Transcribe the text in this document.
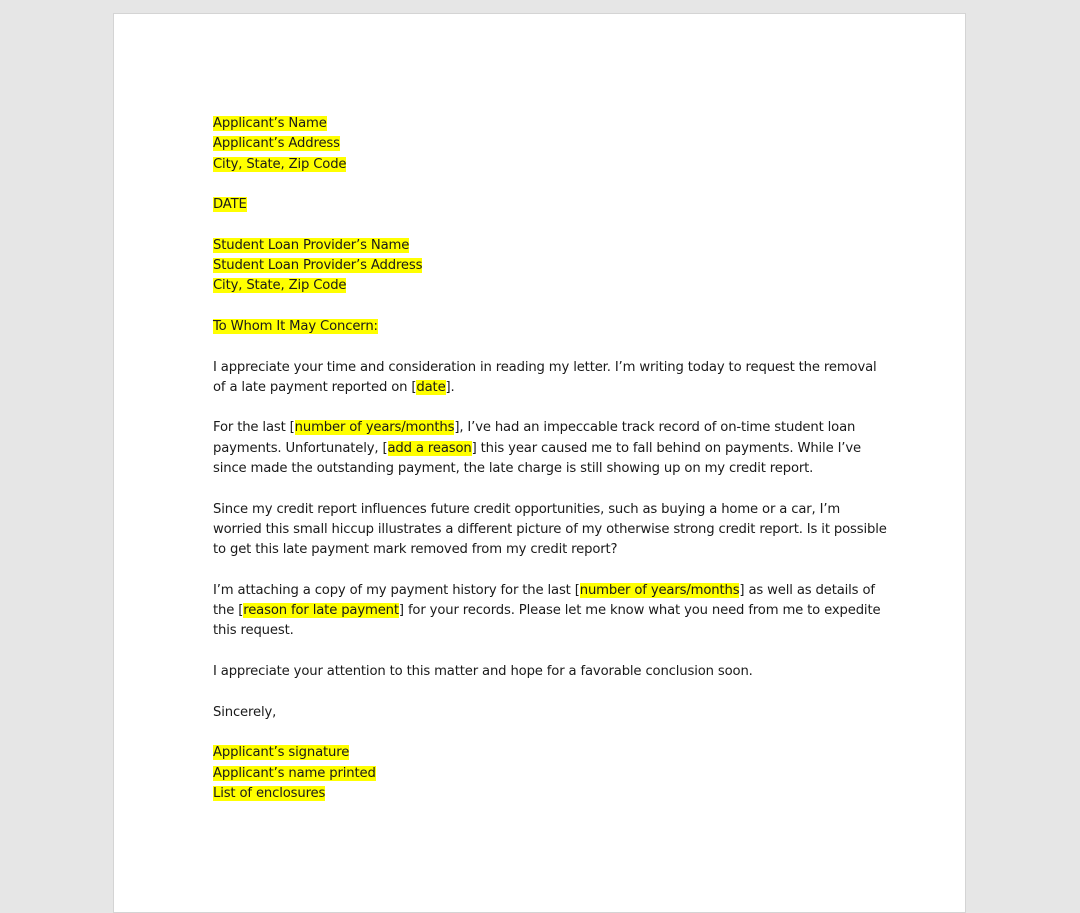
Applicant’s Name
Applicant’s Address
City, State, Zip Code
DATE
Student Loan Provider’s Name
Student Loan Provider’s Address
City, State, Zip Code
To Whom It May Concern:
I appreciate your time and consideration in reading my letter. I’m writing today to request the removal
of a late payment reported on [date].
For the last [number of years/months], I’ve had an impeccable track record of on-time student loan
payments. Unfortunately, [add a reason] this year caused me to fall behind on payments. While I’ve
since made the outstanding payment, the late charge is still showing up on my credit report.
Since my credit report influences future credit opportunities, such as buying a home or a car, I’m
worried this small hiccup illustrates a different picture of my otherwise strong credit report. Is it possible
to get this late payment mark removed from my credit report?
I’m attaching a copy of my payment history for the last [number of years/months] as well as details of
the [reason for late payment] for your records. Please let me know what you need from me to expedite
this request.
I appreciate your attention to this matter and hope for a favorable conclusion soon.
Sincerely,
Applicant’s signature
Applicant’s name printed
List of enclosures
